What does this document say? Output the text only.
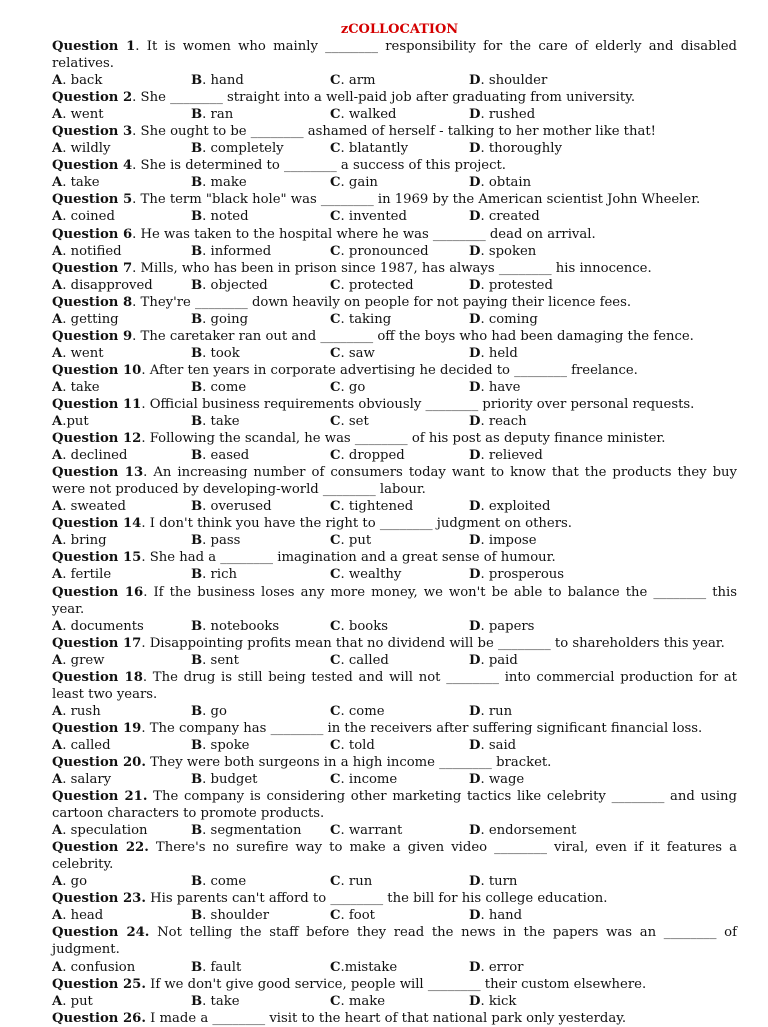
zCOLLOCATION
Question 1. It is women who mainly ________ responsibility for the care of elderly and disabled relatives.
A. back	B. hand	C. arm	D. shoulder
Question 2. She ________ straight into a well-paid job after graduating from university.
A. went	B. ran	C. walked	D. rushed
Question 3. She ought to be ________ ashamed of herself - talking to her mother like that!
A. wildly	B. completely	C. blatantly	D. thoroughly
Question 4. She is determined to ________ a success of this project.
A. take	B. make	C. gain	D. obtain
Question 5. The term "black hole" was ________ in 1969 by the American scientist John Wheeler.
A. coined	B. noted	C. invented	D. created
Question 6. He was taken to the hospital where he was ________ dead on arrival.
A. notified	B. informed	C. pronounced	D. spoken
Question 7. Mills, who has been in prison since 1987, has always ________ his innocence.
A. disapproved	B. objected	C. protected	D. protested
Question 8. They're ________ down heavily on people for not paying their licence fees.
A. getting	B. going	C. taking	D. coming
Question 9. The caretaker ran out and ________ off the boys who had been damaging the fence.
A. went	B. took	C. saw	D. held
Question 10. After ten years in corporate advertising he decided to ________ freelance.
A. take	B. come	C. go	D. have
Question 11. Official business requirements obviously ________ priority over personal requests.
A.put	B. take	C. set	D. reach
Question 12. Following the scandal, he was ________ of his post as deputy finance minister.
A. declined	B. eased	C. dropped	D. relieved
Question 13. An increasing number of consumers today want to know that the products they buy were not produced by developing-world ________ labour.
A. sweated	B. overused	C. tightened	D. exploited
Question 14. I don't think you have the right to ________ judgment on others.
A. bring	B. pass	C. put	D. impose
Question 15. She had a ________ imagination and a great sense of humour.
A. fertile	B. rich	C. wealthy	D. prosperous
Question 16. If the business loses any more money, we won't be able to balance the ________ this year.
A. documents	B. notebooks	C. books	D. papers
Question 17. Disappointing profits mean that no dividend will be ________ to shareholders this year.
A. grew	B. sent	C. called	D. paid
Question 18. The drug is still being tested and will not ________ into commercial production for at least two years.
A. rush	B. go	C. come	D. run
Question 19. The company has ________ in the receivers after suffering significant financial loss.
A. called	B. spoke	C. told	D. said
Question 20. They were both surgeons in a high income ________ bracket.
A. salary	B. budget	C. income	D. wage
Question 21. The company is considering other marketing tactics like celebrity ________ and using cartoon characters to promote products.
A. speculation	B. segmentation	C. warrant	D. endorsement
Question 22. There's no surefire way to make a given video ________ viral, even if it features a celebrity.
A. go	B. come	C. run	D. turn
Question 23. His parents can't afford to ________ the bill for his college education.
A. head	B. shoulder	C. foot	D. hand
Question 24. Not telling the staff before they read the news in the papers was an ________ of judgment.
A. confusion	B. fault	C.mistake	D. error
Question 25. If we don't give good service, people will ________ their custom elsewhere.
A. put	B. take	C. make	D. kick
Question 26. I made a ________ visit to the heart of that national park only yesterday.
